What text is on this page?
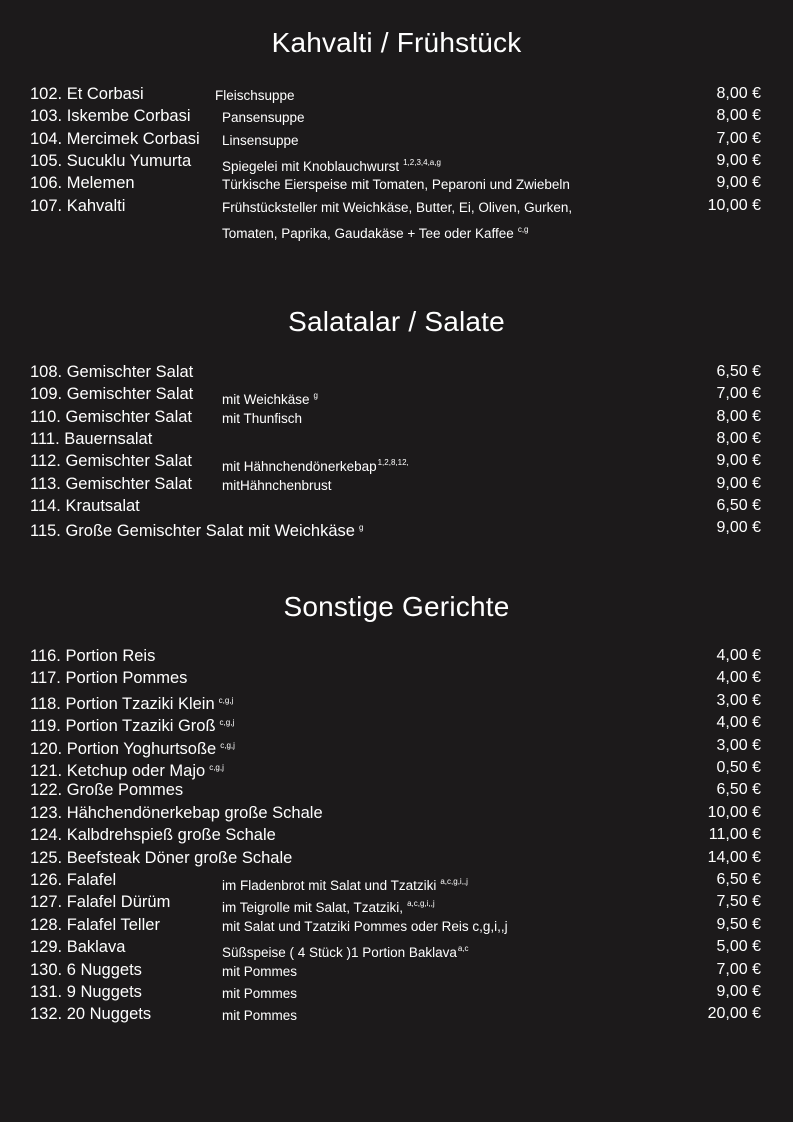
Kahvalti / Frühstück
102. Et Corbasi	Fleischsuppe	8,00 €
103. Iskembe Corbasi Pansensuppe	8,00 €
104. Mercimek Corbasi Linsensuppe	7,00 €
105. Sucuklu Yumurta Spiegelei mit Knoblauchwurst $^{1,2,3,4,a,g}$	9,00 €
106. Melemen	Türkische Eierspeise mit Tomaten, Peparoni und Zwiebeln	9,00 €
107. Kahvalti	Frühstücksteller mit Weichkäse, Butter, Ei, Oliven, Gurken,	10,00 €
Tomaten, Paprika, Gaudakäse + Tee oder Kaffee $^{c,g}$
Salatalar / Salate
108. Gemischter Salat	6,50 €
109. Gemischter Salat mit Weichkäse $^g$	7,00 €
110. Gemischter Salat mit Thunfisch	8,00 €
111. Bauernsalat	8,00 €
112. Gemischter Salat mit Hähnchendönerkebap$^{1,2,8,12,}$	9,00 €
113. Gemischter Salat mitHähnchenbrust	9,00 €
114. Krautsalat	6,50 €
115. Große Gemischter Salat mit Weichkäse $^g$	9,00 €
Sonstige Gerichte
116. Portion Reis	4,00 €
117. Portion Pommes	4,00 €
118. Portion Tzaziki Klein $^{c,g,j}$	3,00 €
119. Portion Tzaziki Groß $^{c,g,j}$	4,00 €
120. Portion Yoghurtsoße $^{c,g,j}$	3,00 €
121. Ketchup oder Majo $^{c,g,j}$	0,50 €
122. Große Pommes	6,50 €
123. Hähchendönerkebap große Schale	10,00 €
124. Kalbdrehspieß große Schale	11,00 €
125. Beefsteak Döner große Schale	14,00 €
126. Falafel	im Fladenbrot mit Salat und Tzatziki $^{a,c,g,i,,j}$	6,50 €
127. Falafel Dürüm	im Teigrolle mit Salat, Tzatziki, $^{a,c,g,i,,j}$	7,50 €
128. Falafel Teller	mit Salat und Tzatziki Pommes oder Reis c,g,i,,j	9,50 €
129. Baklava	Süßspeise ( 4 Stück )1 Portion Baklava$^{a,c}$	5,00 €
130. 6 Nuggets	mit Pommes	7,00 €
131. 9 Nuggets	mit Pommes	9,00 €
132. 20 Nuggets	mit Pommes	20,00 €
